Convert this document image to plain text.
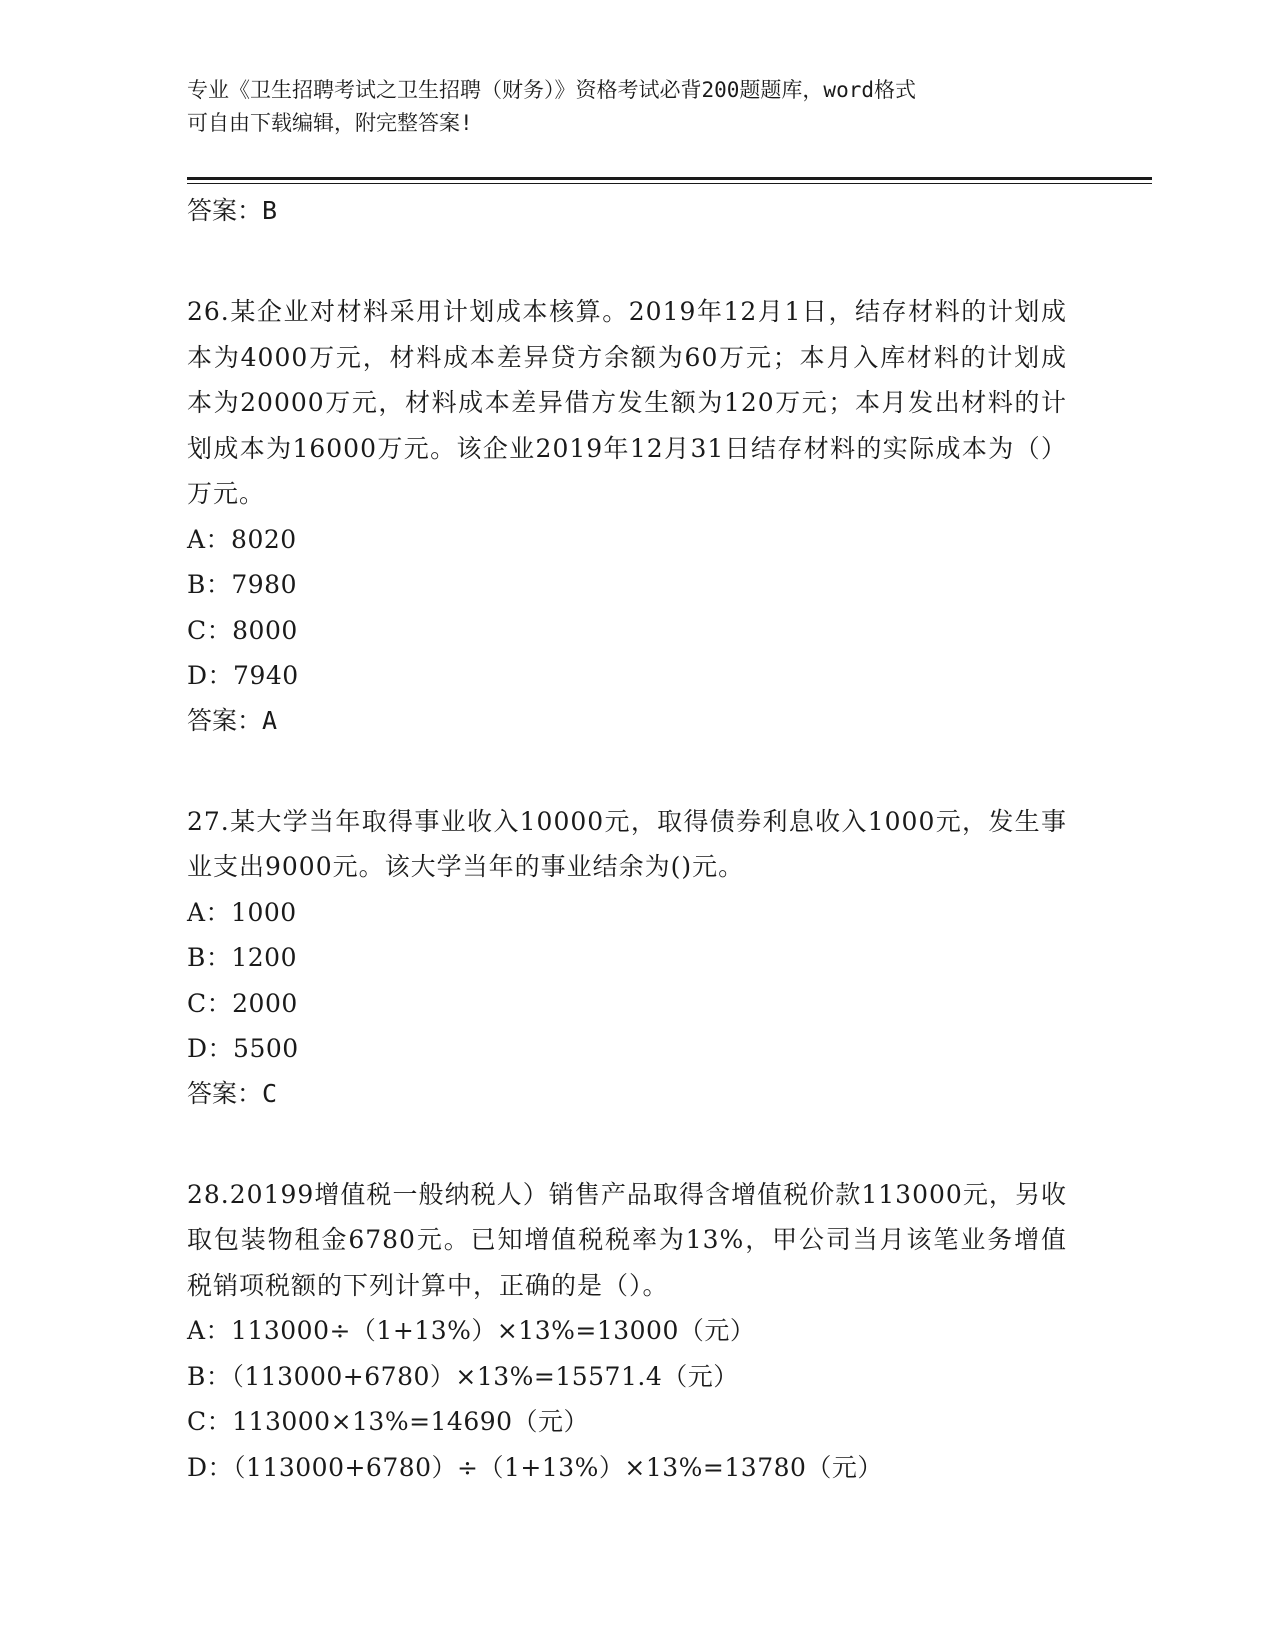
专业《卫生招聘考试之卫生招聘（财务）》资格考试必背200题题库，word格式
可自由下载编辑，附完整答案!
答案：B
26.某企业对材料采用计划成本核算。2019年12月1日，结存材料的计划成本为4000万元，材料成本差异贷方余额为60万元；本月入库材料的计划成本为20000万元，材料成本差异借方发生额为120万元；本月发出材料的计划成本为16000万元。该企业2019年12月31日结存材料的实际成本为（）万元。
A：8020
B：7980
C：8000
D：7940
答案：A
27.某大学当年取得事业收入10000元，取得债券利息收入1000元，发生事业支出9000元。该大学当年的事业结余为()元。
A：1000
B：1200
C：2000
D：5500
答案：C
28.20199增值税一般纳税人）销售产品取得含增值税价款113000元，另收取包装物租金6780元。已知增值税税率为13%，甲公司当月该笔业务增值税销项税额的下列计算中，正确的是（）。
A：113000÷（1+13%）×13%=13000（元）
B：（113000+6780）×13%=15571.4（元）
C：113000×13%=14690（元）
D：（113000+6780）÷（1+13%）×13%=13780（元）
